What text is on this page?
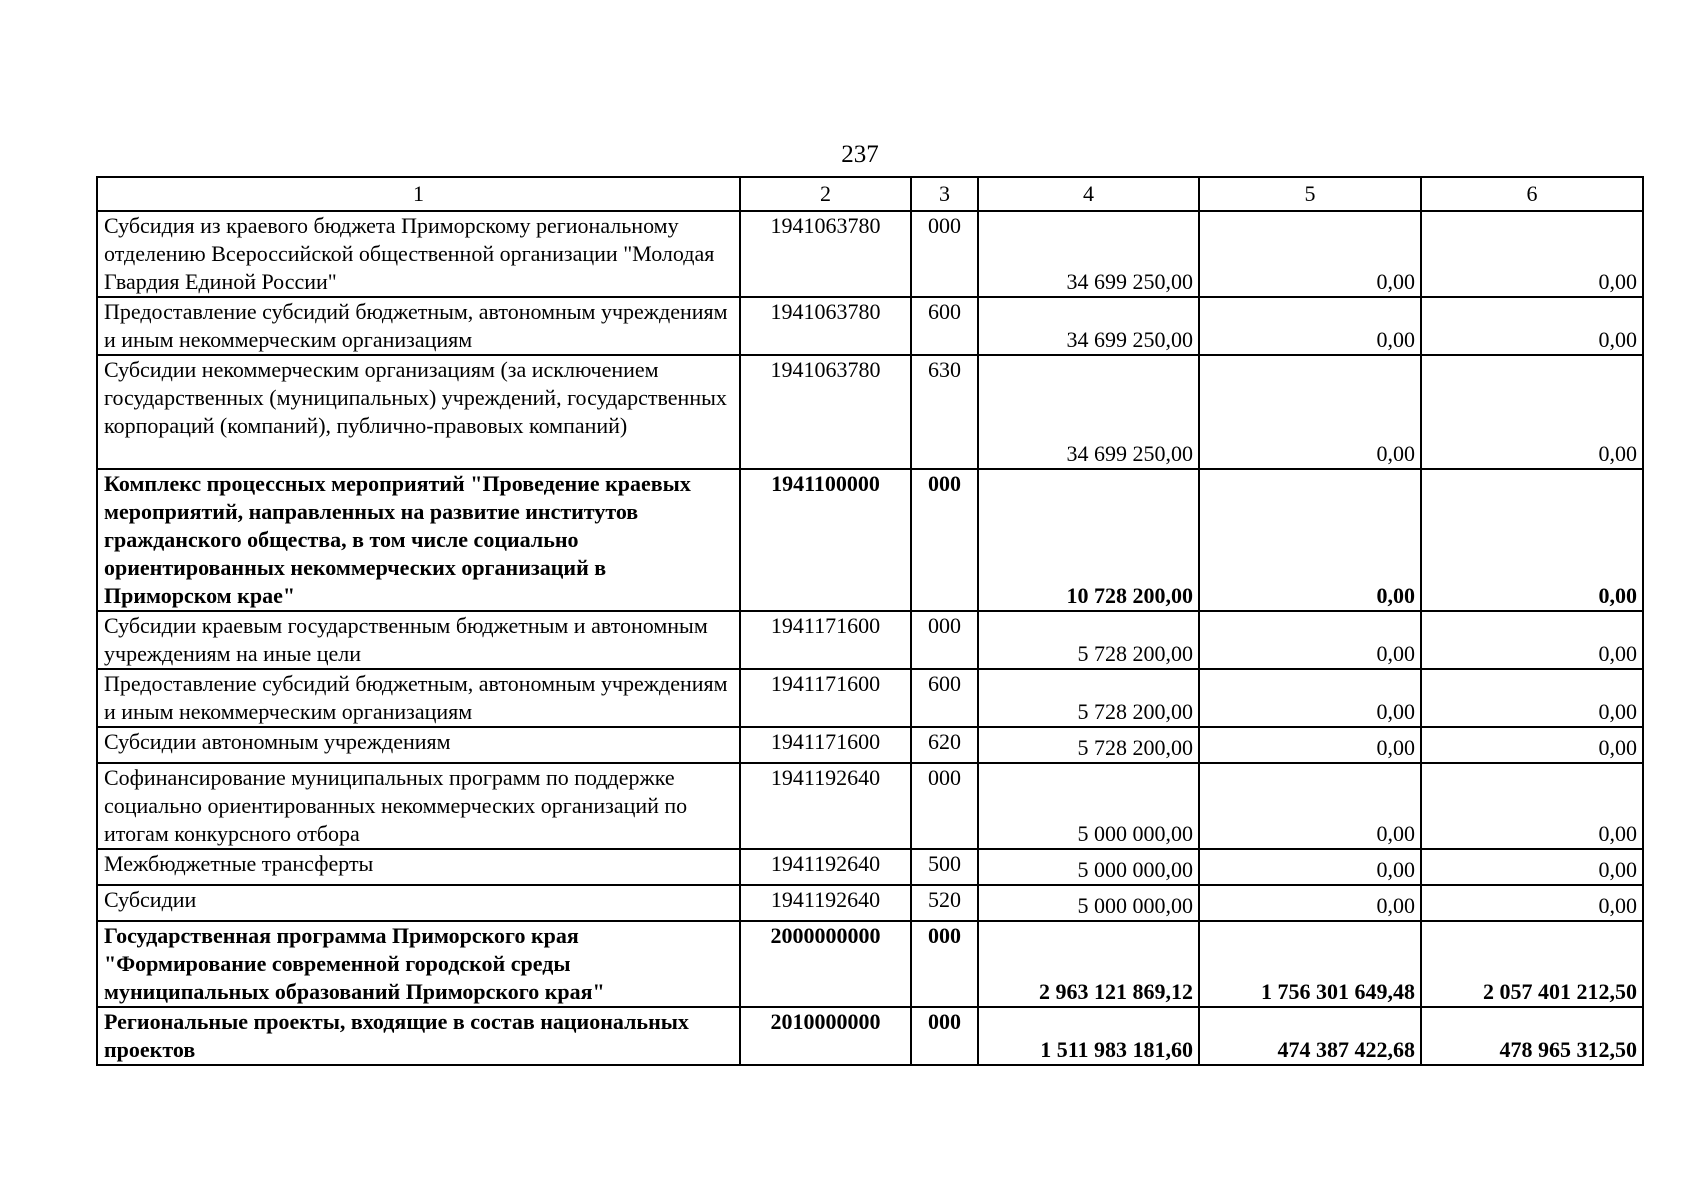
237
1	2	3	4	5	6
Субсидия из краевого бюджета Приморскому региональному отделению Всероссийской общественной организации "Молодая Гвардия Единой России"	1941063780	000	34 699 250,00	0,00	0,00
Предоставление субсидий бюджетным, автономным учреждениям и иным некоммерческим организациям	1941063780	600	34 699 250,00	0,00	0,00
Субсидии некоммерческим организациям (за исключением государственных (муниципальных) учреждений, государственных корпораций (компаний), публично-правовых компаний)	1941063780	630	34 699 250,00	0,00	0,00
Комплекс процессных мероприятий "Проведение краевых мероприятий, направленных на развитие институтов гражданского общества, в том числе социально ориентированных некоммерческих организаций в Приморском крае"	1941100000	000	10 728 200,00	0,00	0,00
Субсидии краевым государственным бюджетным и автономным учреждениям на иные цели	1941171600	000	5 728 200,00	0,00	0,00
Предоставление субсидий бюджетным, автономным учреждениям и иным некоммерческим организациям	1941171600	600	5 728 200,00	0,00	0,00
Субсидии автономным учреждениям	1941171600	620	5 728 200,00	0,00	0,00
Софинансирование муниципальных программ по поддержке социально ориентированных некоммерческих организаций по итогам конкурсного отбора	1941192640	000	5 000 000,00	0,00	0,00
Межбюджетные трансферты	1941192640	500	5 000 000,00	0,00	0,00
Субсидии	1941192640	520	5 000 000,00	0,00	0,00
Государственная программа Приморского края "Формирование современной городской среды муниципальных образований Приморского края"	2000000000	000	2 963 121 869,12	1 756 301 649,48	2 057 401 212,50
Региональные проекты, входящие в состав национальных проектов	2010000000	000	1 511 983 181,60	474 387 422,68	478 965 312,50
